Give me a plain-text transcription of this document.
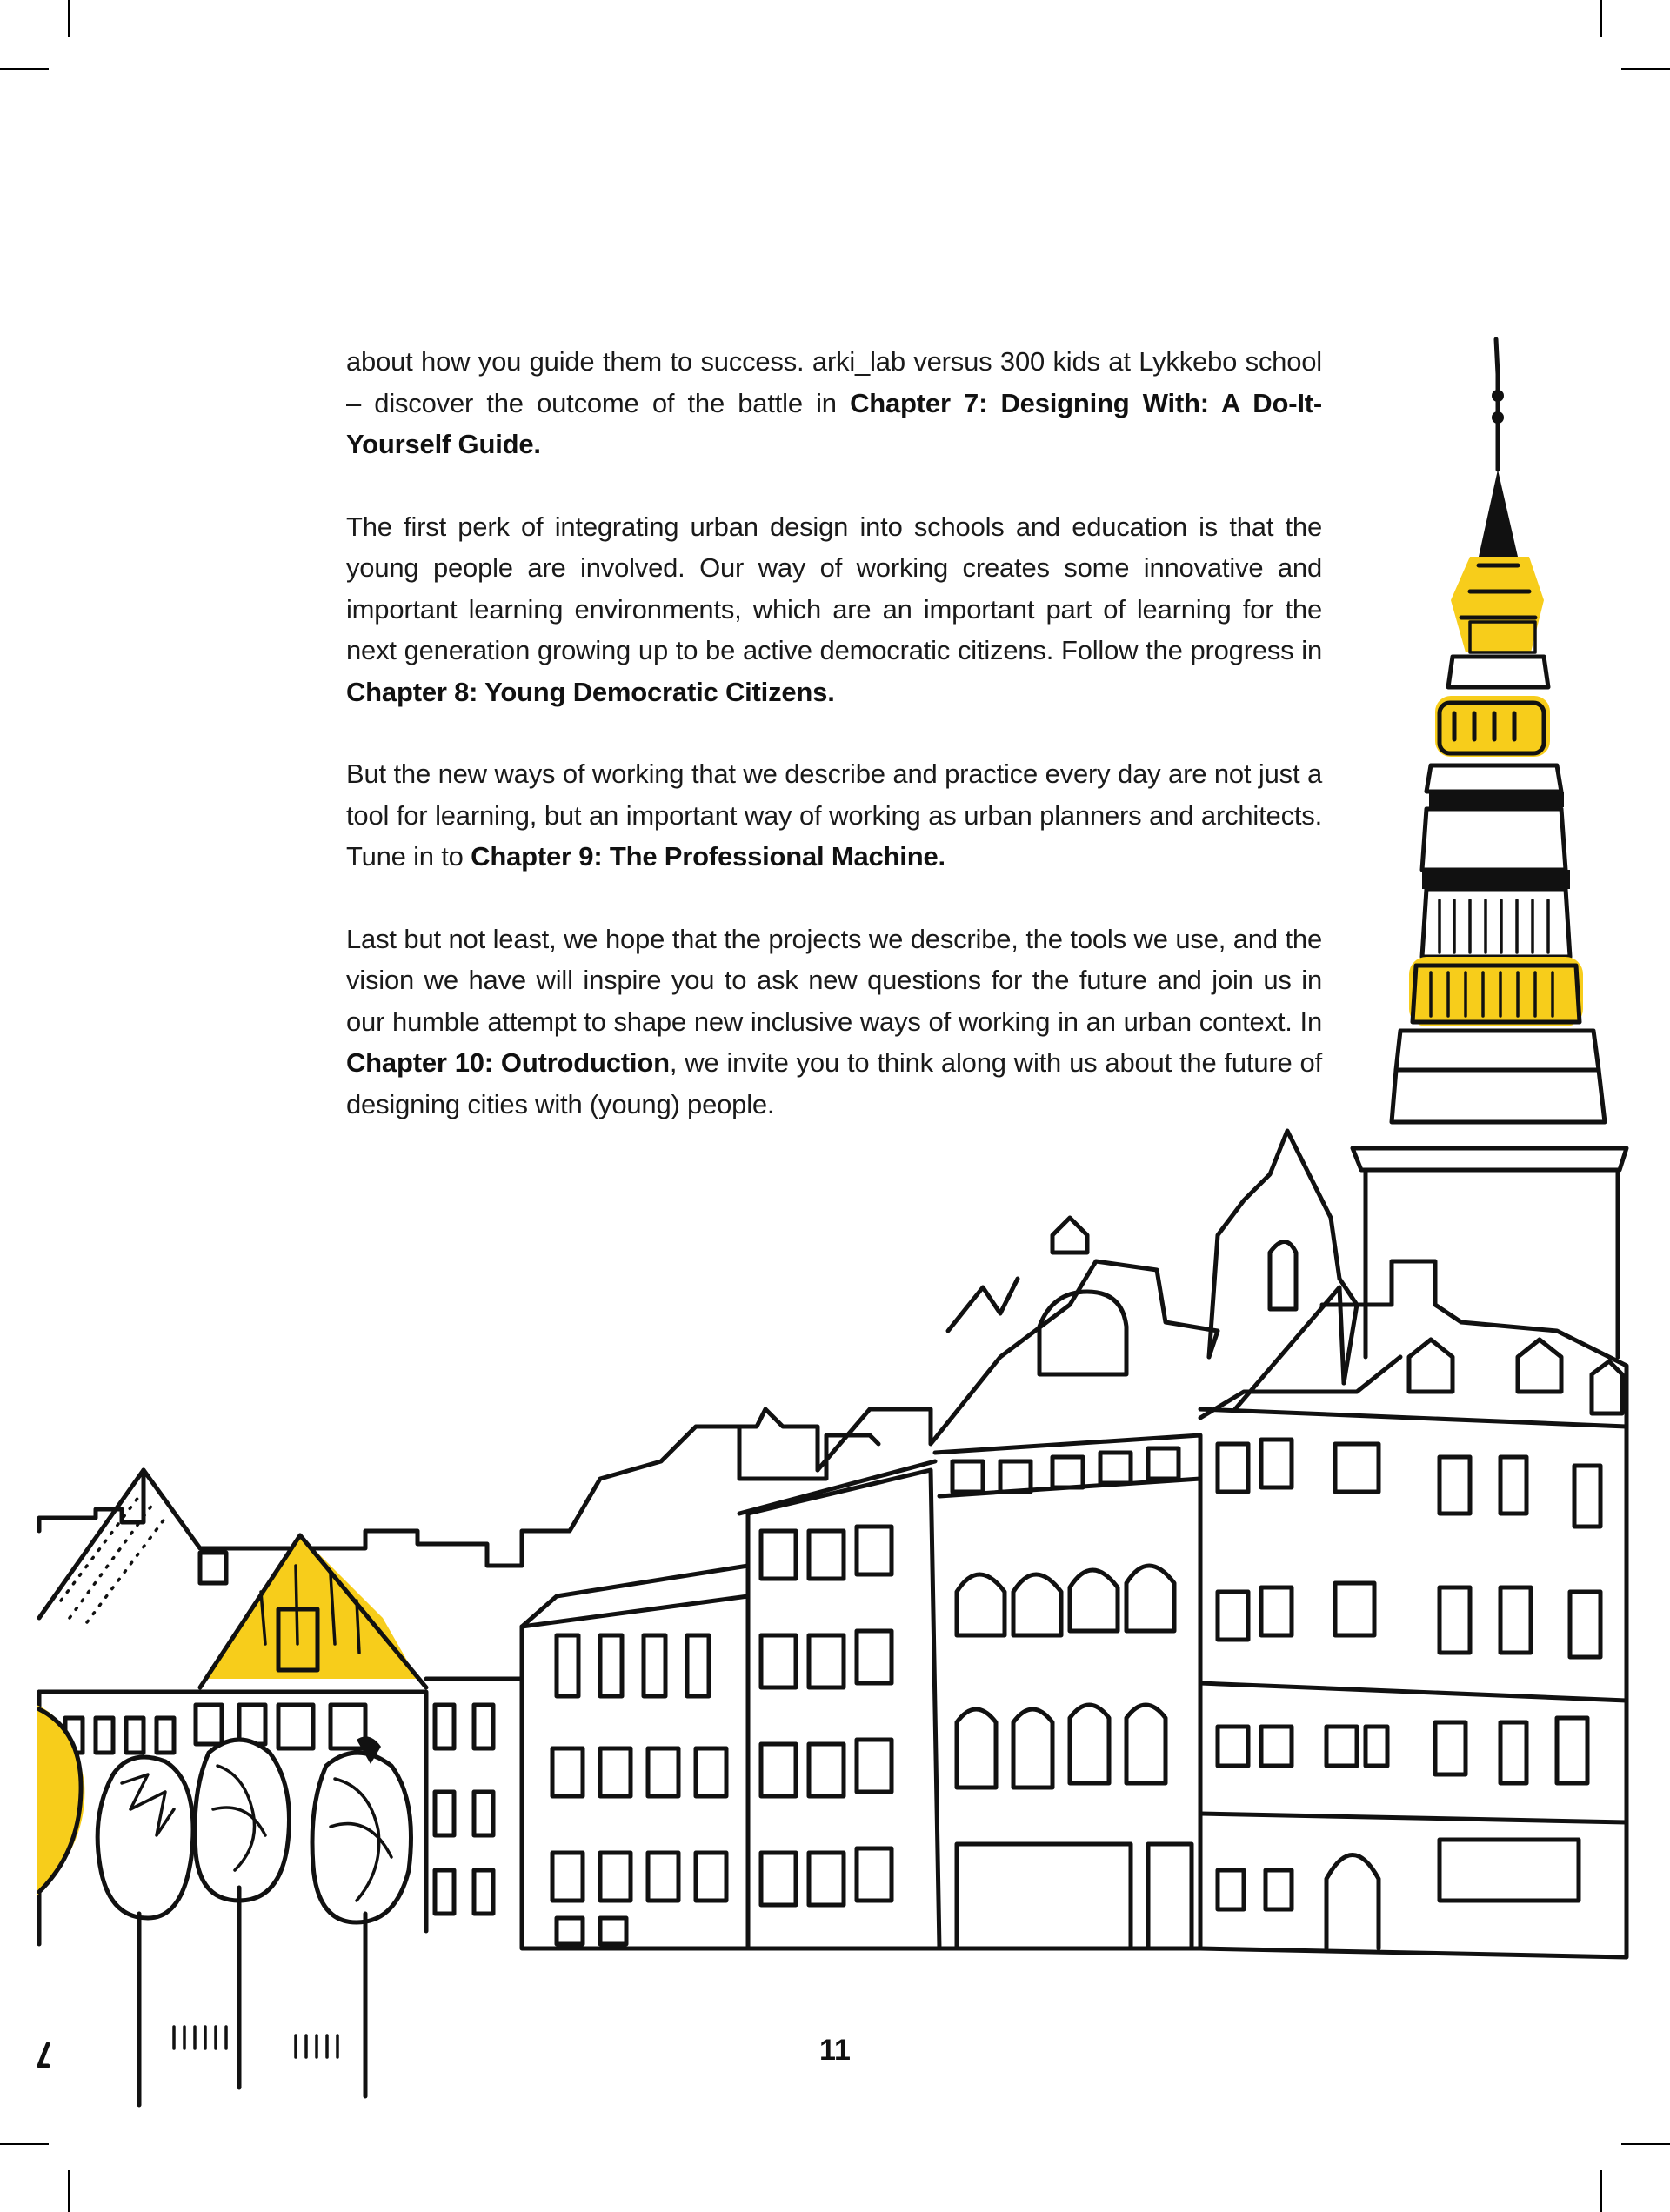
about how you guide them to success. arki_lab versus 300 kids at Lykkebo school – discover the outcome of the battle in Chapter 7: Designing With: A Do-It-Yourself Guide.

The first perk of integrating urban design into schools and education is that the young people are involved. Our way of working creates some innovative and important learning environments, which are an important part of learning for the next generation growing up to be active democratic citizens. Follow the progress in Chapter 8: Young Democratic Citizens.

But the new ways of working that we describe and practice every day are not just a tool for learning, but an important way of working as urban planners and architects. Tune in to Chapter 9: The Professional Machine.

Last but not least, we hope that the projects we describe, the tools we use, and the vision we have will inspire you to ask new questions for the future and join us in our humble attempt to shape new inclusive ways of working in an urban context. In Chapter 10: Outroduction, we invite you to think along with us about the future of designing cities with (young) people.

11
